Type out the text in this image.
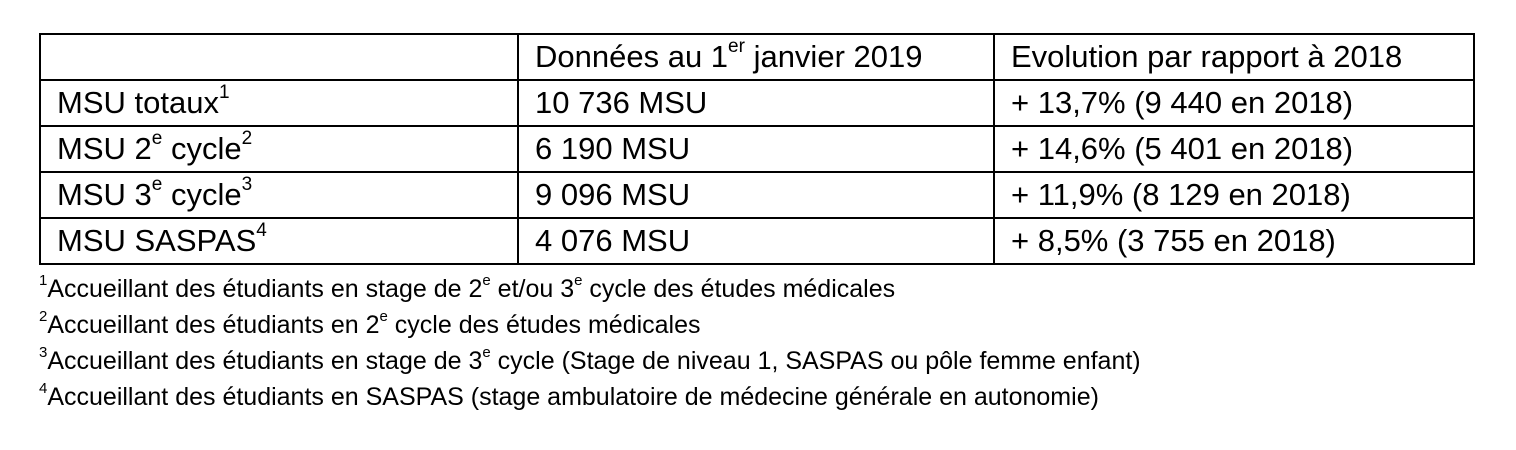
	Données au 1er janvier 2019	Evolution par rapport à 2018
MSU totaux$^1$	10 736 MSU	+ 13,7% (9 440 en 2018)
MSU 2e cycle$^2$	6 190 MSU	+ 14,6% (5 401 en 2018)
MSU 3e cycle$^3$	9 096 MSU	+ 11,9% (8 129 en 2018)
MSU SASPAS$^4$	4 076 MSU	+ 8,5% (3 755 en 2018)
$^1$Accueillant des étudiants en stage de 2e et/ou 3e cycle des études médicales
$^2$Accueillant des étudiants en 2e cycle des études médicales
$^3$Accueillant des étudiants en stage de 3e cycle (Stage de niveau 1, SASPAS ou pôle femme enfant)
$^4$Accueillant des étudiants en SASPAS (stage ambulatoire de médecine générale en autonomie)
